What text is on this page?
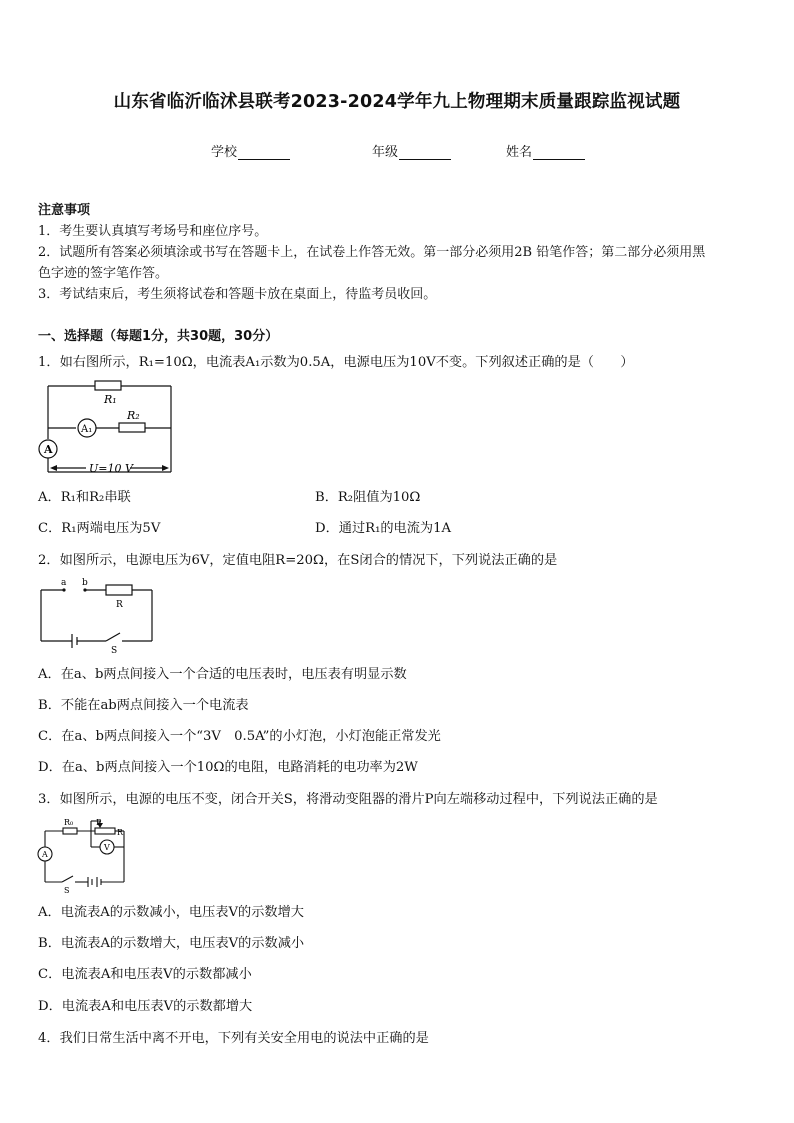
山东省临沂临沭县联考2023-2024学年九上物理期末质量跟踪监视试题
学校	年级	姓名
注意事项
1．考生要认真填写考场号和座位序号。
2．试题所有答案必须填涂或书写在答题卡上，在试卷上作答无效。第一部分必须用2B 铅笔作答；第二部分必须用黑
色字迹的签字笔作答。
3．考试结束后，考生须将试卷和答题卡放在桌面上，待监考员收回。
一、选择题（每题1分，共30题，30分）
1．如右图所示，R₁=10Ω，电流表A₁示数为0.5A，电源电压为10V不变。下列叙述正确的是（　　）
R₁
R₂
A₁
A
U=10 V
A．R₁和R₂串联	B．R₂阻值为10Ω
C．R₁两端电压为5V	D．通过R₁的电流为1A
2．如图所示，电源电压为6V，定值电阻R=20Ω，在S闭合的情况下，下列说法正确的是
a b
R
S
A．在a、b两点间接入一个合适的电压表时，电压表有明显示数
B．不能在ab两点间接入一个电流表
C．在a、b两点间接入一个“3V　0.5A”的小灯泡，小灯泡能正常发光
D．在a、b两点间接入一个10Ω的电阻，电路消耗的电功率为2W
3．如图所示，电源的电压不变，闭合开关S，将滑动变阻器的滑片P向左端移动过程中，下列说法正确的是
R₀	P
R
A
V
S
A．电流表A的示数减小，电压表V的示数增大
B．电流表A的示数增大，电压表V的示数减小
C．电流表A和电压表V的示数都减小
D．电流表A和电压表V的示数都增大
4．我们日常生活中离不开电，下列有关安全用电的说法中正确的是
